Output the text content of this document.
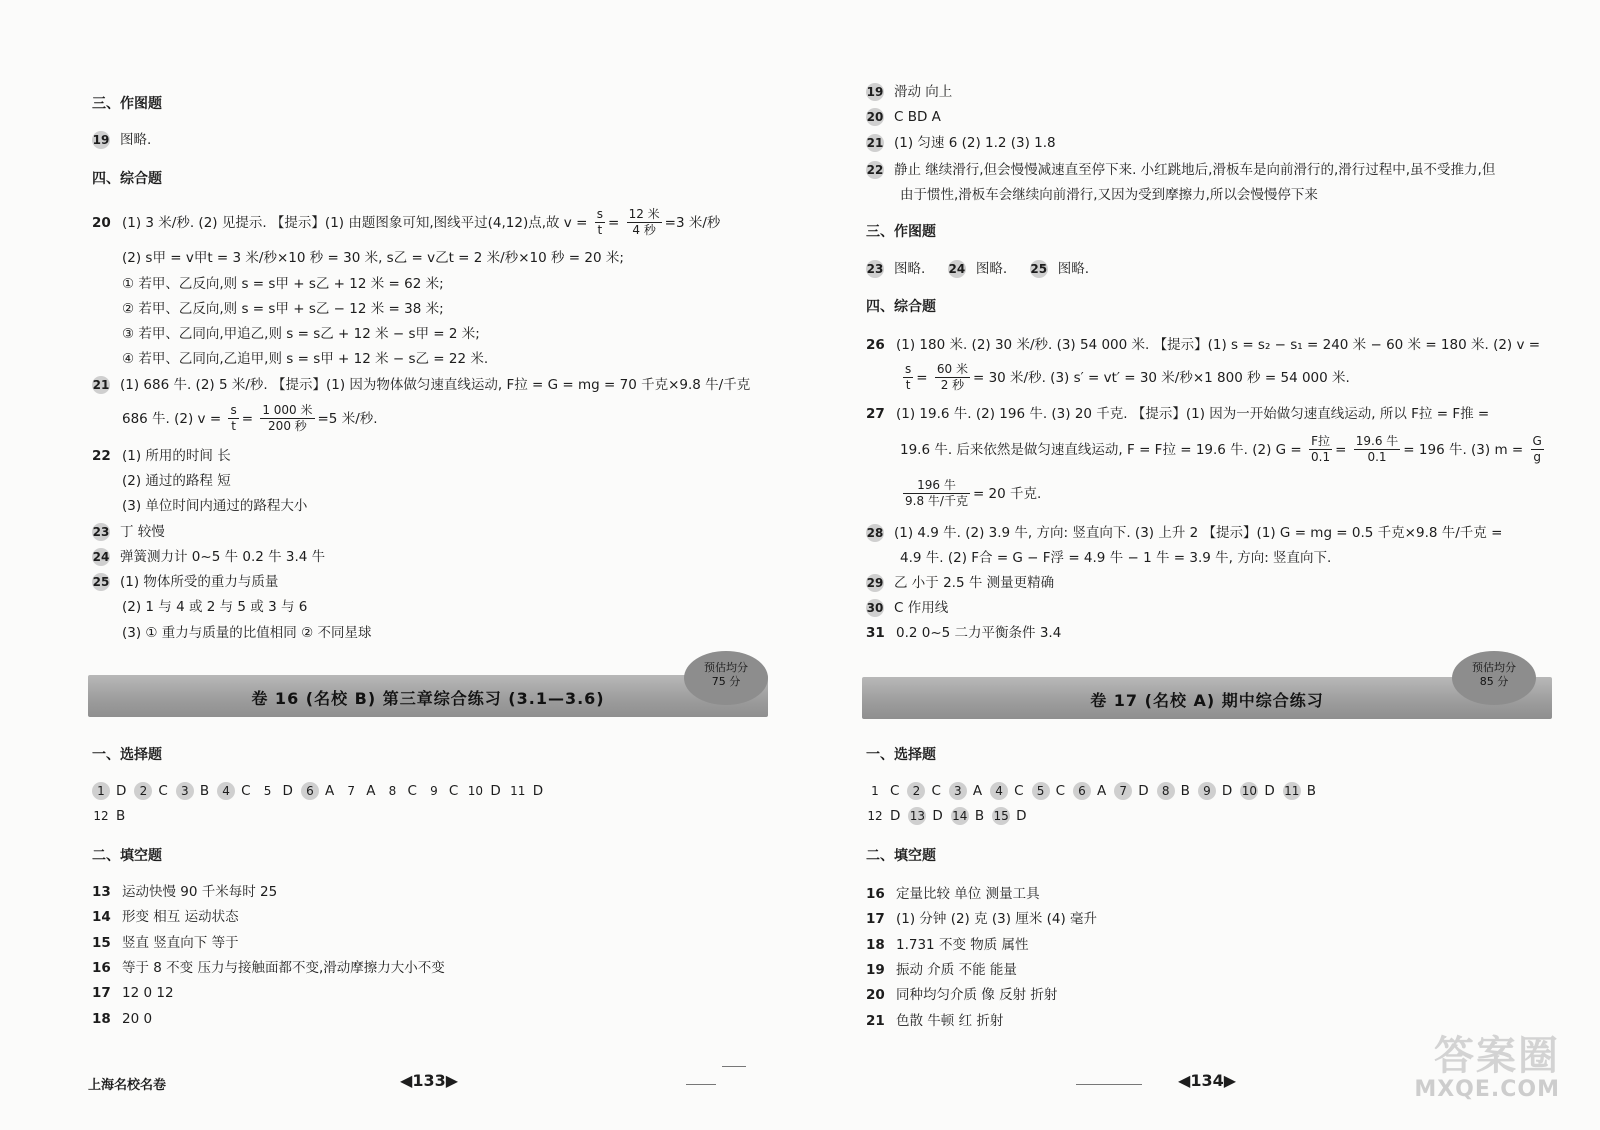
三、作图题
19 图略.
四、综合题
20 (1) 3 米/秒. (2) 见提示. 【提示】(1) 由题图象可知,图线平过(4,12)点,故 $v = \frac{s}{t} = \frac{\text{12 米}}{\text{4 秒}} =3$ 米/秒
(2) s甲 = v甲t = 3 米/秒×10 秒 = 30 米, s乙 = v乙t = 2 米/秒×10 秒 = 20 米;
① 若甲、乙反向,则 s = s甲 + s乙 + 12 米 = 62 米;
② 若甲、乙反向,则 s = s甲 + s乙 − 12 米 = 38 米;
③ 若甲、乙同向,甲追乙,则 s = s乙 + 12 米 − s甲 = 2 米;
④ 若甲、乙同向,乙追甲,则 s = s甲 + 12 米 − s乙 = 22 米.
21 (1) 686 牛. (2) 5 米/秒. 【提示】(1) 因为物体做匀速直线运动, F拉 = G = mg = 70 千克×9.8 牛/千克
686 牛. (2) $v = \frac{s}{t} = \frac{\text{1 000 米}}{\text{200 秒}} =5$ 米/秒.
22 (1) 所用的时间 长
(2) 通过的路程 短
(3) 单位时间内通过的路程大小
23 丁 较慢
24 弹簧测力计 0~5 牛 0.2 牛 3.4 牛
25 (1) 物体所受的重力与质量
(2) 1 与 4 或 2 与 5 或 3 与 6
(3) ① 重力与质量的比值相同 ② 不同星球
卷 16 (名校 B) 第三章综合练习 (3.1—3.6)
预估均分
75 分
一、选择题
1 D 2 C 3 B 4 C 5 D 6 A 7 A 8 C 9 C 10 D 11 D
12 B
二、填空题
13 运动快慢 90 千米每时 25
14 形变 相互 运动状态
15 竖直 竖直向下 等于
16 等于 8 不变 压力与接触面都不变,滑动摩擦力大小不变
17 12 0 12
18 20 0
上海名校名卷	◀133▶
19 滑动 向上
20 C BD A
21 (1) 匀速 6 (2) 1.2 (3) 1.8
22 静止 继续滑行,但会慢慢减速直至停下来. 小红跳地后,滑板车是向前滑行的,滑行过程中,虽不受推力,但
由于惯性,滑板车会继续向前滑行,又因为受到摩擦力,所以会慢慢停下来
三、作图题
23 图略. 24 图略. 25 图略.
四、综合题
26 (1) 180 米. (2) 30 米/秒. (3) 54 000 米. 【提示】(1) s = s₂ − s₁ = 240 米 − 60 米 = 180 米. (2) v =
$\frac{s}{t} = \frac{\text{60 米}}{\text{2 秒}} = 30$ 米/秒. (3) s′ = vt′ = 30 米/秒×1 800 秒 = 54 000 米.
27 (1) 19.6 牛. (2) 196 牛. (3) 20 千克. 【提示】(1) 因为一开始做匀速直线运动, 所以 F拉 = F推 =
19.6 牛. 后来依然是做匀速直线运动, F = F拉 = 19.6 牛. (2) $G = \frac{\text{F拉}}{0.1} = \frac{\text{19.6 牛}}{0.1} = 196$ 牛. (3) $m = \frac{G}{g}$
$\frac{\text{196 牛}}{\text{9.8 牛/千克}} = 20$ 千克.
28 (1) 4.9 牛. (2) 3.9 牛, 方向: 竖直向下. (3) 上升 2 【提示】(1) G = mg = 0.5 千克×9.8 牛/千克 =
4.9 牛. (2) F合 = G − F浮 = 4.9 牛 − 1 牛 = 3.9 牛, 方向: 竖直向下.
29 乙 小于 2.5 牛 测量更精确
30 C 作用线
31 0.2 0~5 二力平衡条件 3.4
卷 17 (名校 A) 期中综合练习
预估均分
85 分
一、选择题
1 C 2 C 3 A 4 C 5 C 6 A 7 D 8 B 9 D 10 D 11 B
12 D 13 D 14 B 15 D
二、填空题
16 定量比较 单位 测量工具
17 (1) 分钟 (2) 克 (3) 厘米 (4) 毫升
18 1.731 不变 物质 属性
19 振动 介质 不能 能量
20 同种均匀介质 像 反射 折射
21 色散 牛顿 红 折射
◀134▶
答案圈
MXQE.COM
